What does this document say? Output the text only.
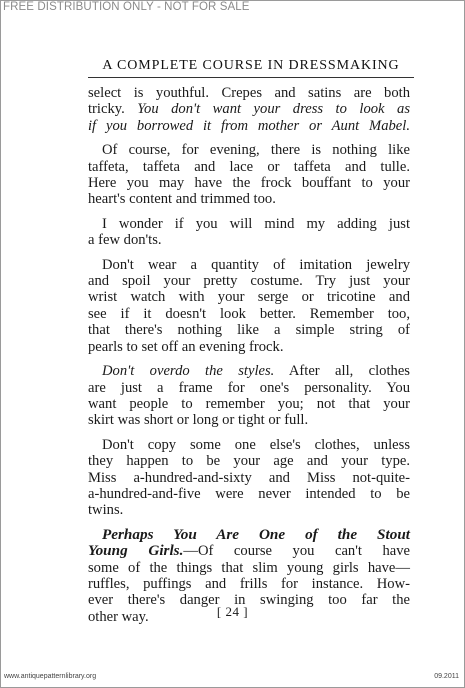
FREE DISTRIBUTION ONLY - NOT FOR SALE
A COMPLETE COURSE IN DRESSMAKING
select is youthful. Crepes and satins are both
tricky. You don't want your dress to look as
if you borrowed it from mother or Aunt Mabel.
Of course, for evening, there is nothing like
taffeta, taffeta and lace or taffeta and tulle.
Here you may have the frock bouffant to your
heart's content and trimmed too.
I wonder if you will mind my adding just
a few don'ts.
Don't wear a quantity of imitation jewelry
and spoil your pretty costume. Try just your
wrist watch with your serge or tricotine and
see if it doesn't look better. Remember too,
that there's nothing like a simple string of
pearls to set off an evening frock.
Don't overdo the styles. After all, clothes
are just a frame for one's personality. You
want people to remember you; not that your
skirt was short or long or tight or full.
Don't copy some one else's clothes, unless
they happen to be your age and your type.
Miss a-hundred-and-sixty and Miss not-quite-
a-hundred-and-five were never intended to be
twins.
Perhaps You Are One of the Stout
Young Girls.—Of course you can't have
some of the things that slim young girls have—
ruffles, puffings and frills for instance. How-
ever there's danger in swinging too far the
other way.	[ 24 ]
www.antiquepatternlibrary.org	09.2011
